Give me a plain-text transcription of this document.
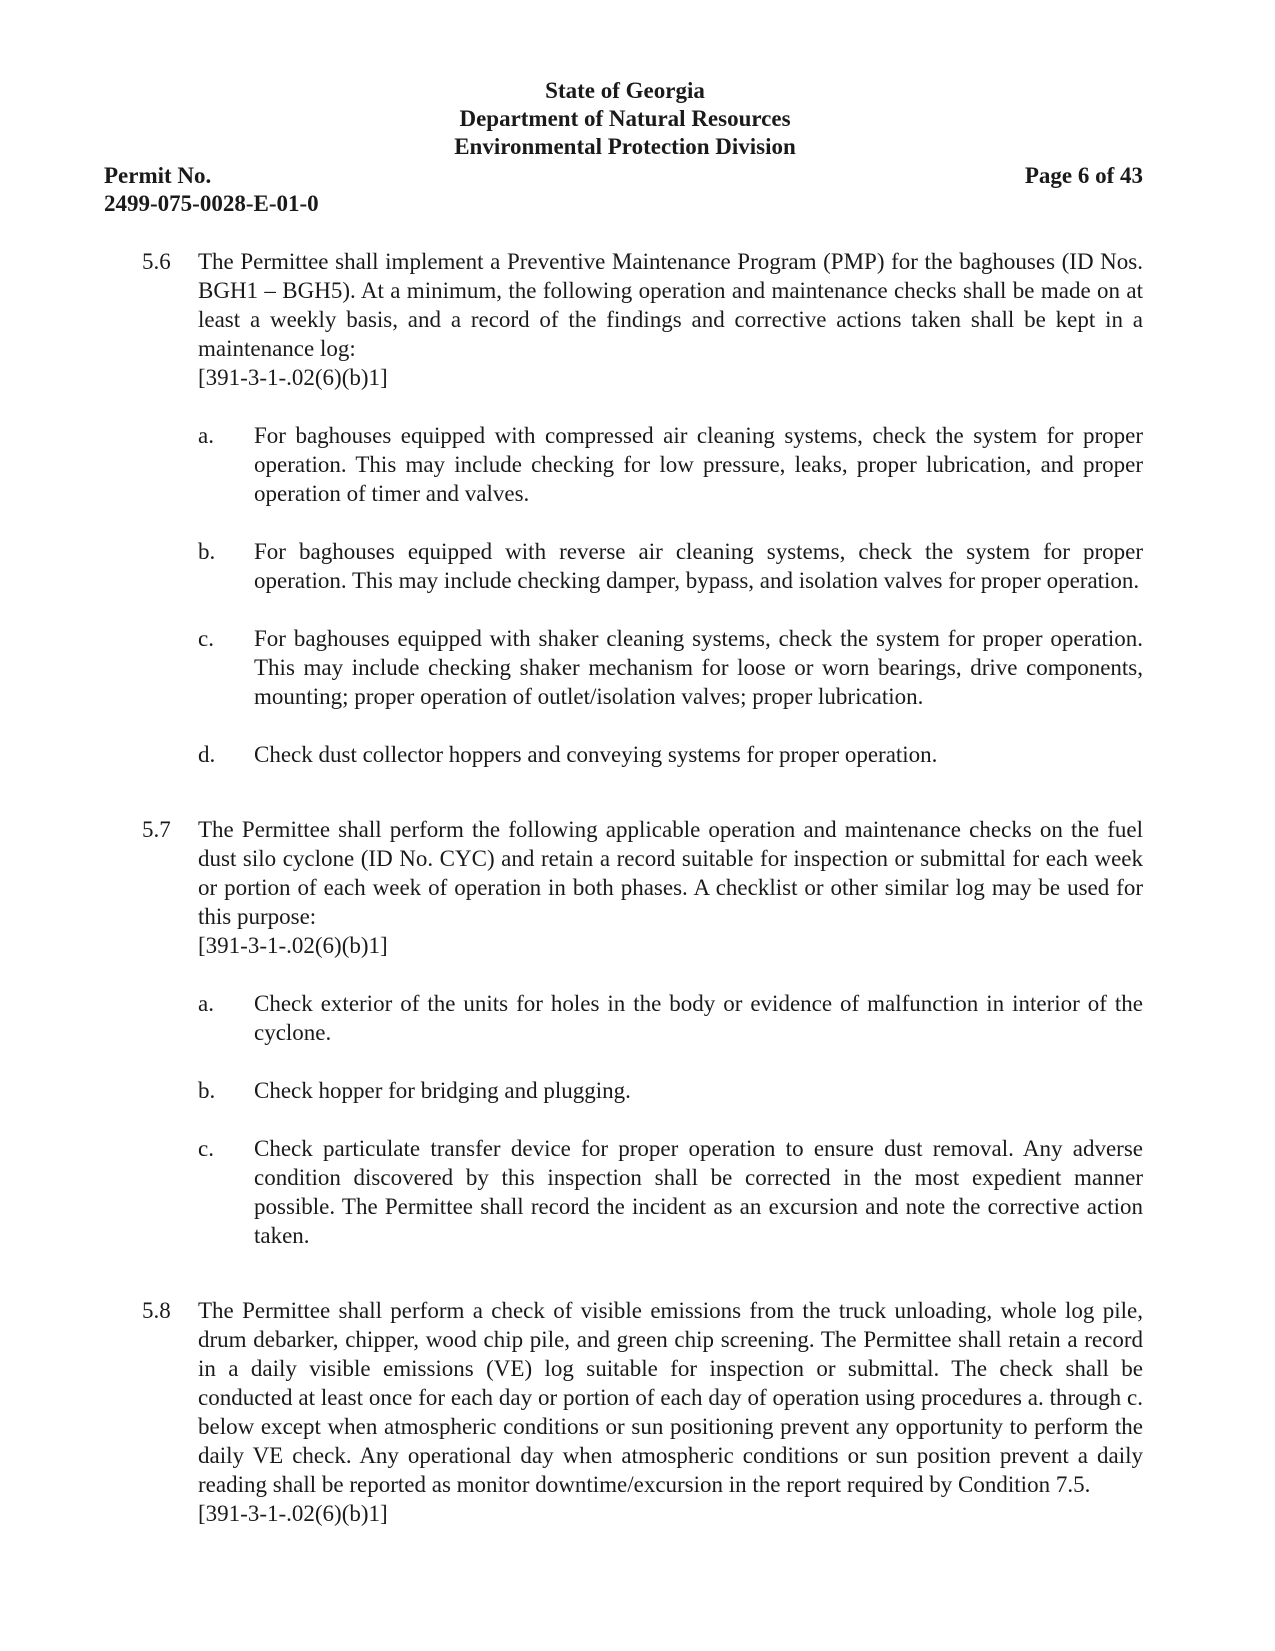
State of Georgia
Department of Natural Resources
Environmental Protection Division
Permit No.
2499-075-0028-E-01-0
Page 6 of 43
5.6 The Permittee shall implement a Preventive Maintenance Program (PMP) for the baghouses (ID Nos. BGH1 – BGH5). At a minimum, the following operation and maintenance checks shall be made on at least a weekly basis, and a record of the findings and corrective actions taken shall be kept in a maintenance log:
[391-3-1-.02(6)(b)1]
a. For baghouses equipped with compressed air cleaning systems, check the system for proper operation. This may include checking for low pressure, leaks, proper lubrication, and proper operation of timer and valves.
b. For baghouses equipped with reverse air cleaning systems, check the system for proper operation. This may include checking damper, bypass, and isolation valves for proper operation.
c. For baghouses equipped with shaker cleaning systems, check the system for proper operation. This may include checking shaker mechanism for loose or worn bearings, drive components, mounting; proper operation of outlet/isolation valves; proper lubrication.
d. Check dust collector hoppers and conveying systems for proper operation.
5.7 The Permittee shall perform the following applicable operation and maintenance checks on the fuel dust silo cyclone (ID No. CYC) and retain a record suitable for inspection or submittal for each week or portion of each week of operation in both phases. A checklist or other similar log may be used for this purpose:
[391-3-1-.02(6)(b)1]
a. Check exterior of the units for holes in the body or evidence of malfunction in interior of the cyclone.
b. Check hopper for bridging and plugging.
c. Check particulate transfer device for proper operation to ensure dust removal. Any adverse condition discovered by this inspection shall be corrected in the most expedient manner possible. The Permittee shall record the incident as an excursion and note the corrective action taken.
5.8 The Permittee shall perform a check of visible emissions from the truck unloading, whole log pile, drum debarker, chipper, wood chip pile, and green chip screening. The Permittee shall retain a record in a daily visible emissions (VE) log suitable for inspection or submittal. The check shall be conducted at least once for each day or portion of each day of operation using procedures a. through c. below except when atmospheric conditions or sun positioning prevent any opportunity to perform the daily VE check. Any operational day when atmospheric conditions or sun position prevent a daily reading shall be reported as monitor downtime/excursion in the report required by Condition 7.5.
[391-3-1-.02(6)(b)1]
